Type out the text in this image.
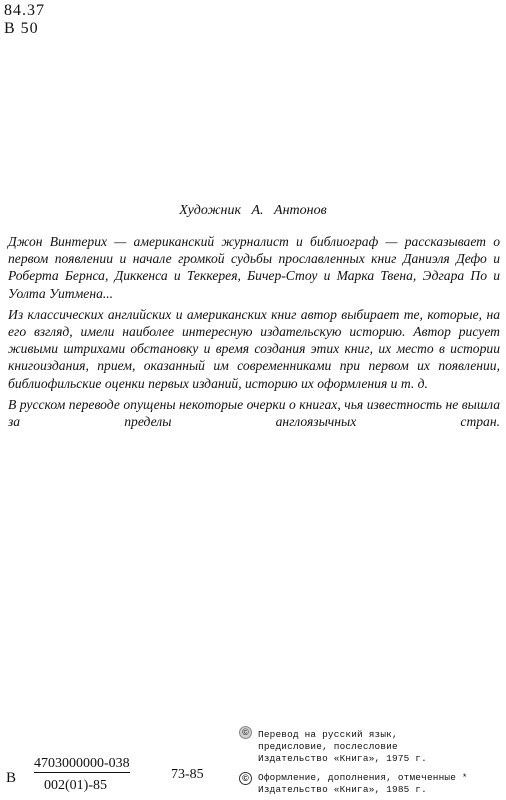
84.37
В 50
Художник А. Антонов

Джон Винтерих — американский журналист и библиограф — рассказывает о первом появлении и начале громкой судьбы прославленных книг Даниэля Дефо и Роберта Бернса, Диккенса и Теккерея, Бичер-Стоу и Марка Твена, Эдгара По и Уолта Уитмена...

Из классических английских и американских книг автор выбирает те, которые, на его взгляд, имели наиболее интересную издательскую историю. Автор рисует живыми штрихами обстановку и время создания этих книг, их место в истории книгоиздания, прием, оказанный им современниками при первом их появлении, библиофильские оценки первых изданий, историю их оформления и т. д.

В русском переводе опущены некоторые очерки о книгах, чья известность не вышла за пределы англоязычных стран.

В
4703000000-038
002(01)-85
73-85
© Перевод на русский язык,
предисловие, послесловие
Издательство «Книга», 1975 г.
© Оформление, дополнения, отмеченные *
Издательство «Книга», 1985 г.
